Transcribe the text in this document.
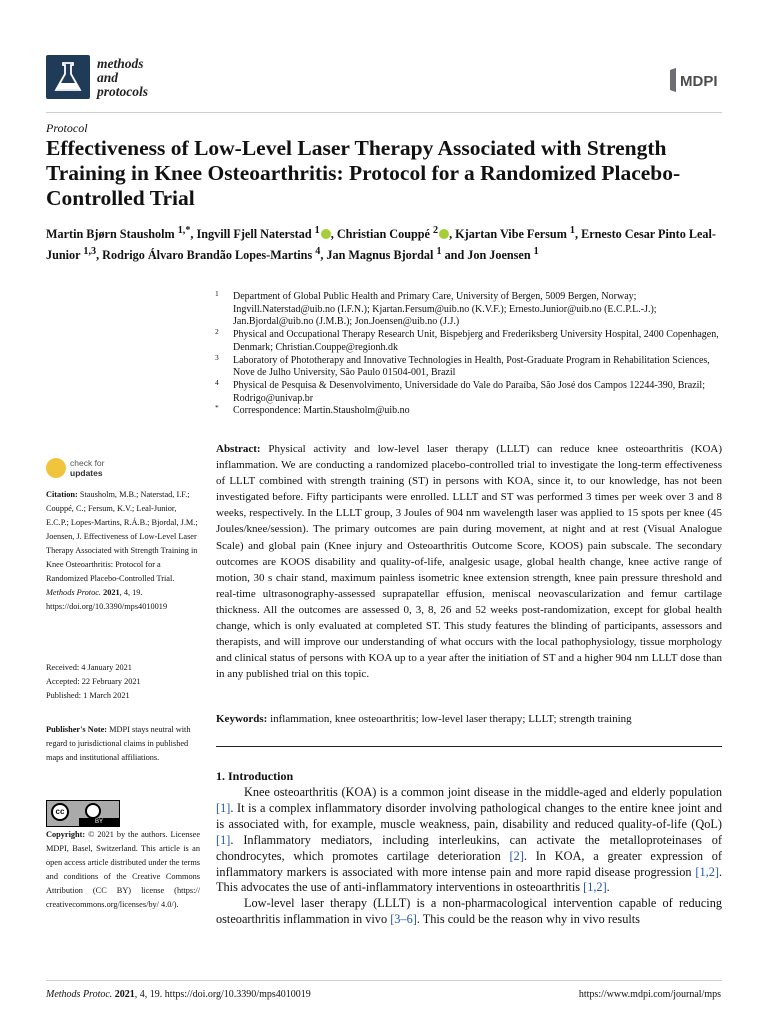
methods
and
protocols
MDPI
Protocol
Effectiveness of Low-Level Laser Therapy Associated with Strength Training in Knee Osteoarthritis: Protocol for a Randomized Placebo-Controlled Trial
Martin Bjørn Stausholm $^{1,*}$, Ingvill Fjell Naterstad $^1$ , Christian Couppé $^2$ , Kjartan Vibe Fersum $^1$, Ernesto Cesar Pinto Leal-Junior $^{1,3}$, Rodrigo Álvaro Brandão Lopes-Martins $^4$, Jan Magnus Bjordal $^1$ and Jon Joensen $^1$
1 Department of Global Public Health and Primary Care, University of Bergen, 5009 Bergen, Norway; Ingvill.Naterstad@uib.no (I.F.N.); Kjartan.Fersum@uib.no (K.V.F.); Ernesto.Junior@uib.no (E.C.P.L.-J.); Jan.Bjordal@uib.no (J.M.B.); Jon.Joensen@uib.no (J.J.)
2 Physical and Occupational Therapy Research Unit, Bispebjerg and Frederiksberg University Hospital, 2400 Copenhagen, Denmark; Christian.Couppe@regionh.dk
3 Laboratory of Phototherapy and Innovative Technologies in Health, Post-Graduate Program in Rehabilitation Sciences, Nove de Julho University, São Paulo 01504-001, Brazil
4 Physical de Pesquisa & Desenvolvimento, Universidade do Vale do Paraíba, São José dos Campos 12244-390, Brazil; Rodrigo@univap.br
* Correspondence: Martin.Stausholm@uib.no
Abstract: Physical activity and low-level laser therapy (LLLT) can reduce knee osteoarthritis (KOA) inflammation. We are conducting a randomized placebo-controlled trial to investigate the long-term effectiveness of LLLT combined with strength training (ST) in persons with KOA, since it, to our knowledge, has not been investigated before. Fifty participants were enrolled. LLLT and ST was performed 3 times per week over 3 and 8 weeks, respectively. In the LLLT group, 3 Joules of 904 nm wavelength laser was applied to 15 spots per knee (45 Joules/knee/session). The primary outcomes are pain during movement, at night and at rest (Visual Analogue Scale) and global pain (Knee injury and Osteoarthritis Outcome Score, KOOS) pain subscale. The secondary outcomes are KOOS disability and quality-of-life, analgesic usage, global health change, knee active range of motion, 30 s chair stand, maximum painless isometric knee extension strength, knee pain pressure threshold and real-time ultrasonography-assessed suprapatellar effusion, meniscal neovascularization and femur cartilage thickness. All the outcomes are assessed 0, 3, 8, 26 and 52 weeks post-randomization, except for global health change, which is only evaluated at completed ST. This study features the blinding of participants, assessors and therapists, and will improve our understanding of what occurs with the local pathophysiology, tissue morphology and clinical status of persons with KOA up to a year after the initiation of ST and a higher 904 nm LLLT dose than in any published trial on this topic.
Keywords: inflammation, knee osteoarthritis; low-level laser therapy; LLLT; strength training
check for
updates
Citation: Stausholm, M.B.; Naterstad, I.F.; Couppé, C.; Fersum, K.V.; Leal-Junior, E.C.P.; Lopes-Martins, R.Á.B.; Bjordal, J.M.; Joensen, J. Effectiveness of Low-Level Laser Therapy Associated with Strength Training in Knee Osteoarthritis: Protocol for a Randomized Placebo-Controlled Trial. Methods Protoc. 2021, 4, 19. https://doi.org/10.3390/mps4010019
Received: 4 January 2021
Accepted: 22 February 2021
Published: 1 March 2021
Publisher's Note: MDPI stays neutral with regard to jurisdictional claims in published maps and institutional affiliations.
cc
BY
Copyright: © 2021 by the authors. Licensee MDPI, Basel, Switzerland. This article is an open access article distributed under the terms and conditions of the Creative Commons Attribution (CC BY) license (https:// creativecommons.org/licenses/by/ 4.0/).
1. Introduction

Knee osteoarthritis (KOA) is a common joint disease in the middle-aged and elderly population [1]. It is a complex inflammatory disorder involving pathological changes to the entire knee joint and is associated with, for example, muscle weakness, pain, disability and reduced quality-of-life (QoL) [1]. Inflammatory mediators, including interleukins, can activate the metalloproteinases of chondrocytes, which promotes cartilage deterioration [2]. In KOA, a greater expression of inflammatory markers is associated with more intense pain and more rapid disease progression [1,2]. This advocates the use of anti-inflammatory interventions in osteoarthritis [1,2].

Low-level laser therapy (LLLT) is a non-pharmacological intervention capable of reducing osteoarthritis inflammation in vivo [3–6]. This could be the reason why in vivo results

Methods Protoc. 2021, 4, 19. https://doi.org/10.3390/mps4010019	https://www.mdpi.com/journal/mps
